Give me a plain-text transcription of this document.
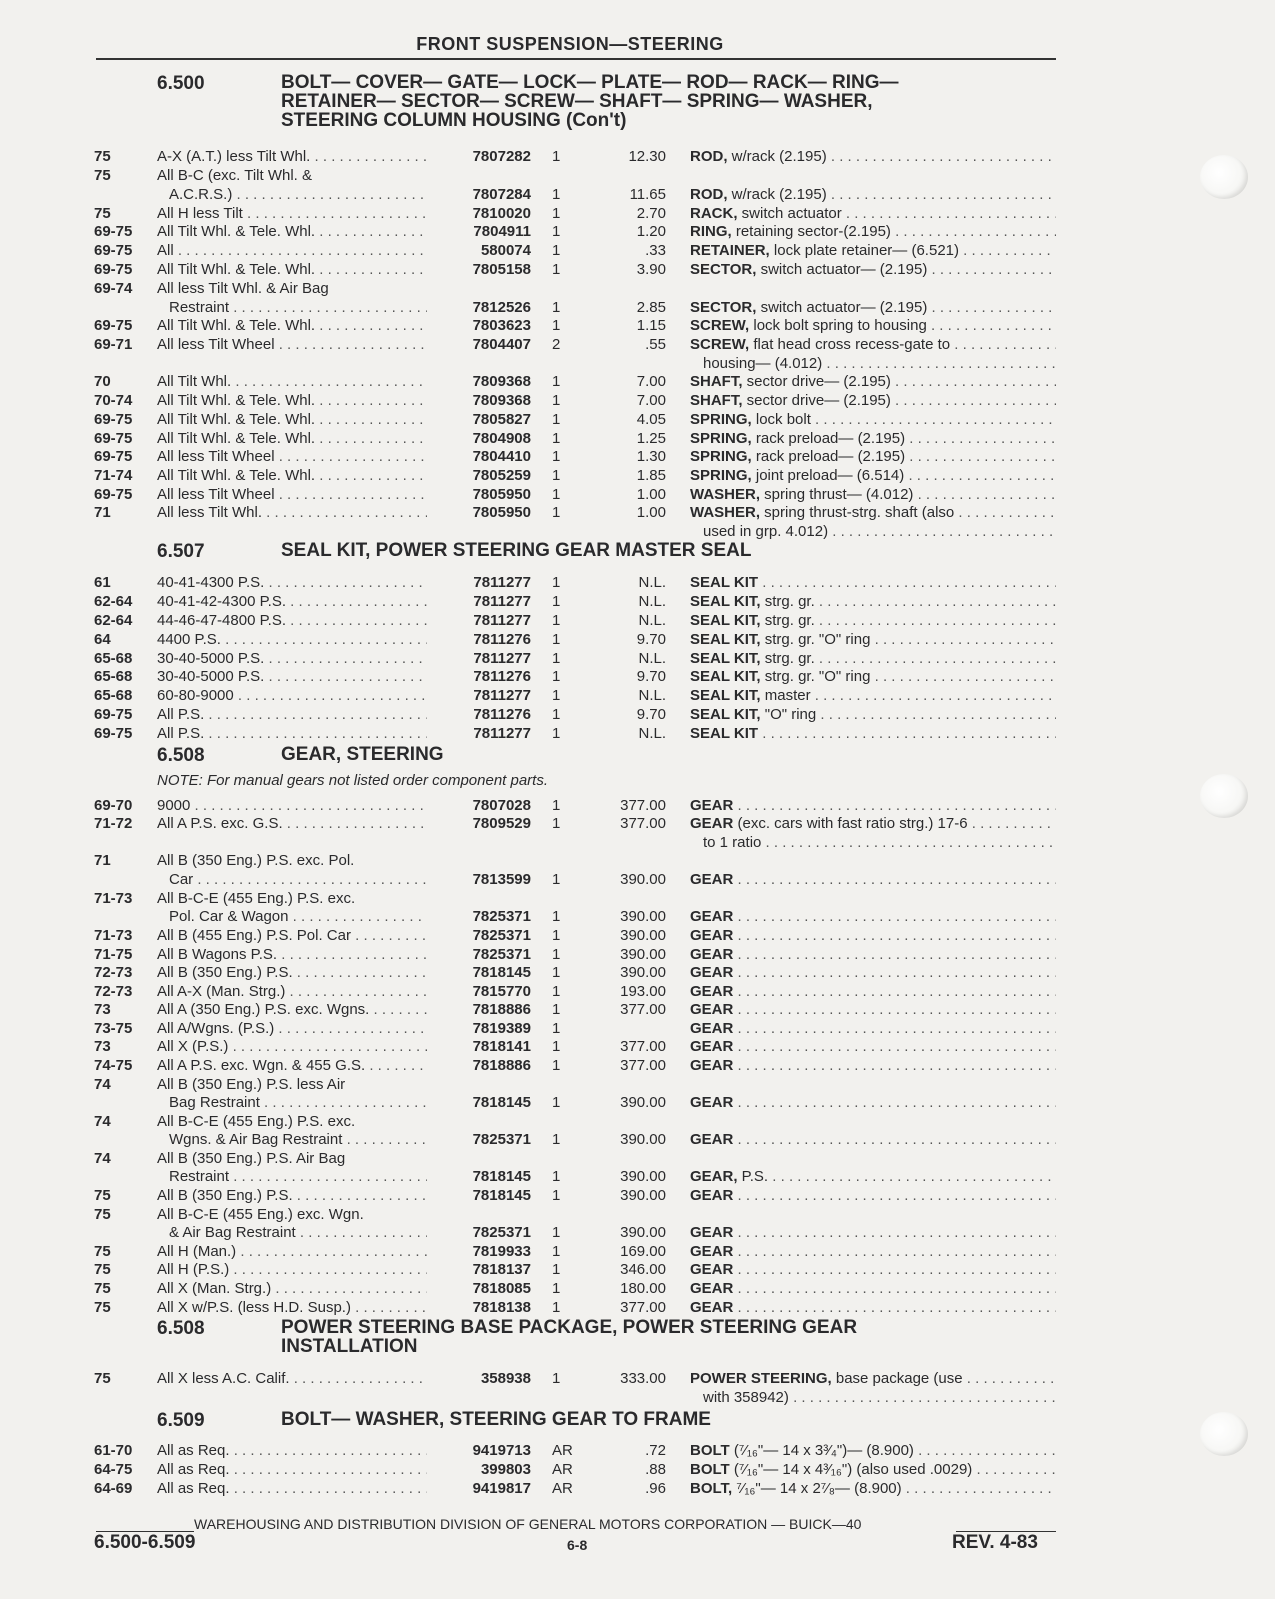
FRONT SUSPENSION—STEERING
6.500	BOLT— COVER— GATE— LOCK— PLATE— ROD— RACK— RING—
RETAINER— SECTOR— SCREW— SHAFT— SPRING— WASHER,
STEERING COLUMN HOUSING (Con't)
6.507	SEAL KIT, POWER STEERING GEAR MASTER SEAL
6.508	GEAR, STEERING
NOTE: For manual gears not listed order component parts.
6.508	POWER STEERING BASE PACKAGE, POWER STEERING GEAR
INSTALLATION
6.509	BOLT— WASHER, STEERING GEAR TO FRAME
75	A-X (A.T.) less Tilt Whl. . . .	7807282 1	12.30 ROD, w/rack (2.195) . . .
75	All B-C (exc. Tilt Whl. &
A.C.R.S.) . . .	7807284 1	11.65 ROD, w/rack (2.195) . . .
75	All H less Tilt . . .	7810020 1	2.70 RACK, switch actuator . . .
69-75 All Tilt Whl. & Tele. Whl. . . .	7804911 1	1.20 RING, retaining sector-(2.195) . . .
69-75 All . . .	580074 1	.33 RETAINER, lock plate retainer— (6.521) . . .
69-75 All Tilt Whl. & Tele. Whl. . . .	7805158 1	3.90 SECTOR, switch actuator— (2.195) . . .
69-74 All less Tilt Whl. & Air Bag
Restraint . . .	7812526 1	2.85 SECTOR, switch actuator— (2.195) . . .
69-75 All Tilt Whl. & Tele. Whl. . . .	7803623 1	1.15 SCREW, lock bolt spring to housing . . .
69-71 All less Tilt Wheel . . .	7804407 2	.55 SCREW, flat head cross recess-gate to . . .
housing— (4.012) . . .
70	All Tilt Whl. . . .	7809368 1	7.00 SHAFT, sector drive— (2.195) . . .
70-74 All Tilt Whl. & Tele. Whl. . . .	7809368 1	7.00 SHAFT, sector drive— (2.195) . . .
69-75 All Tilt Whl. & Tele. Whl. . . .	7805827 1	4.05 SPRING, lock bolt . . .
69-75 All Tilt Whl. & Tele. Whl. . . .	7804908 1	1.25 SPRING, rack preload— (2.195) . . .
69-75 All less Tilt Wheel . . .	7804410 1	1.30 SPRING, rack preload— (2.195) . . .
71-74 All Tilt Whl. & Tele. Whl. . . .	7805259 1	1.85 SPRING, joint preload— (6.514) . . .
69-75 All less Tilt Wheel . . .	7805950 1	1.00 WASHER, spring thrust— (4.012) . . .
71	All less Tilt Whl. . . .	7805950 1	1.00 WASHER, spring thrust-strg. shaft (also . . .
used in grp. 4.012) . . .
61	40-41-4300 P.S. . . .	7811277 1	N.L. SEAL KIT . . .
62-64 40-41-42-4300 P.S. . . .	7811277 1	N.L. SEAL KIT, strg. gr. . . .
62-64 44-46-47-4800 P.S. . . .	7811277 1	N.L. SEAL KIT, strg. gr. . . .
64	4400 P.S. . . .	7811276 1	9.70 SEAL KIT, strg. gr. "O" ring . . .
65-68 30-40-5000 P.S. . . .	7811277 1	N.L. SEAL KIT, strg. gr. . . .
65-68 30-40-5000 P.S. . . .	7811276 1	9.70 SEAL KIT, strg. gr. "O" ring . . .
65-68 60-80-9000 . . .	7811277 1	N.L. SEAL KIT, master . . .
69-75 All P.S. . . .	7811276 1	9.70 SEAL KIT, "O" ring . . .
69-75 All P.S. . . .	7811277 1	N.L. SEAL KIT . . .
69-70 9000 . . .	7807028 1	377.00 GEAR . . .
71-72 All A P.S. exc. G.S. . . .	7809529 1	377.00 GEAR (exc. cars with fast ratio strg.) 17-6 . . .
to 1 ratio . . .
71	All B (350 Eng.) P.S. exc. Pol.
Car . . .	7813599 1	390.00 GEAR . . .
71-73 All B-C-E (455 Eng.) P.S. exc.
Pol. Car & Wagon . . .	7825371 1	390.00 GEAR . . .
71-73 All B (455 Eng.) P.S. Pol. Car . . .	7825371 1	390.00 GEAR . . .
71-75 All B Wagons P.S. . . .	7825371 1	390.00 GEAR . . .
72-73 All B (350 Eng.) P.S. . . .	7818145 1	390.00 GEAR . . .
72-73 All A-X (Man. Strg.) . . .	7815770 1	193.00 GEAR . . .
73	All A (350 Eng.) P.S. exc. Wgns. . . .	7818886 1	377.00 GEAR . . .
73-75 All A/Wgns. (P.S.) . . .	7819389 1	GEAR . . .
73	All X (P.S.) . . .	7818141 1	377.00 GEAR . . .
74-75 All A P.S. exc. Wgn. & 455 G.S. . . .	7818886 1	377.00 GEAR . . .
74	All B (350 Eng.) P.S. less Air
Bag Restraint . . .	7818145 1	390.00 GEAR . . .
74	All B-C-E (455 Eng.) P.S. exc.
Wgns. & Air Bag Restraint . . .	7825371 1	390.00 GEAR . . .
74	All B (350 Eng.) P.S. Air Bag
Restraint . . .	7818145 1	390.00 GEAR, P.S. . . .
75	All B (350 Eng.) P.S. . . .	7818145 1	390.00 GEAR . . .
75	All B-C-E (455 Eng.) exc. Wgn.
& Air Bag Restraint . . .	7825371 1	390.00 GEAR . . .
75	All H (Man.) . . .	7819933 1	169.00 GEAR . . .
75	All H (P.S.) . . .	7818137 1	346.00 GEAR . . .
75	All X (Man. Strg.) . . .	7818085 1	180.00 GEAR . . .
75	All X w/P.S. (less H.D. Susp.) . . .	7818138 1	377.00 GEAR . . .
75	All X less A.C. Calif. . . .	358938 1	333.00 POWER STEERING, base package (use . . .
with 358942) . . .
61-70 All as Req. . . .	9419713 AR	.72 BOLT (⁷⁄₁₆"— 14 x 3³⁄₄")— (8.900) . . .
64-75 All as Req. . . .	399803 AR	.88 BOLT (⁷⁄₁₆"— 14 x 4³⁄₁₆") (also used .0029) . . .
64-69 All as Req. . . .	9419817 AR	.96 BOLT, ⁷⁄₁₆"— 14 x 2⁷⁄₈— (8.900) . . .
WAREHOUSING AND DISTRIBUTION DIVISION OF GENERAL MOTORS CORPORATION — BUICK—40
6.500-6.509	6-8	REV. 4-83
